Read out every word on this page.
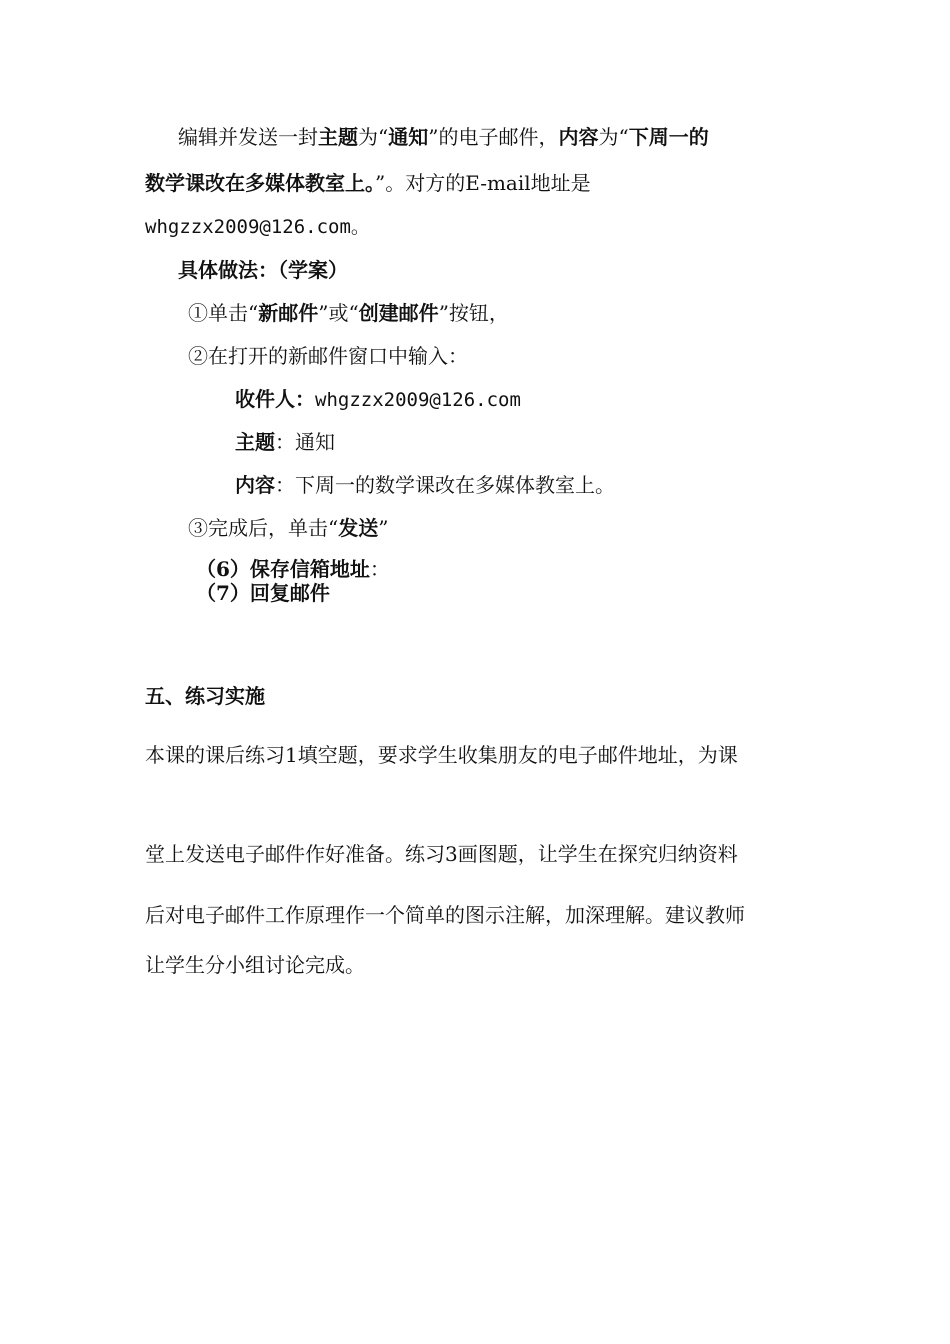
编辑并发送一封主题为“通知”的电子邮件，内容为“下周一的
数学课改在多媒体教室上。”。对方的E-mail地址是
whgzzx2009@126.com。
具体做法：（学案）
①单击“新邮件”或“创建邮件”按钮，
②在打开的新邮件窗口中输入：
收件人：whgzzx2009@126.com
主题：通知
内容：下周一的数学课改在多媒体教室上。
③完成后，单击“发送”
（6）保存信箱地址：
（7）回复邮件
五、练习实施
本课的课后练习1填空题，要求学生收集朋友的电子邮件地址，为课
堂上发送电子邮件作好准备。练习3画图题，让学生在探究归纳资料
后对电子邮件工作原理作一个简单的图示注解，加深理解。建议教师
让学生分小组讨论完成。
